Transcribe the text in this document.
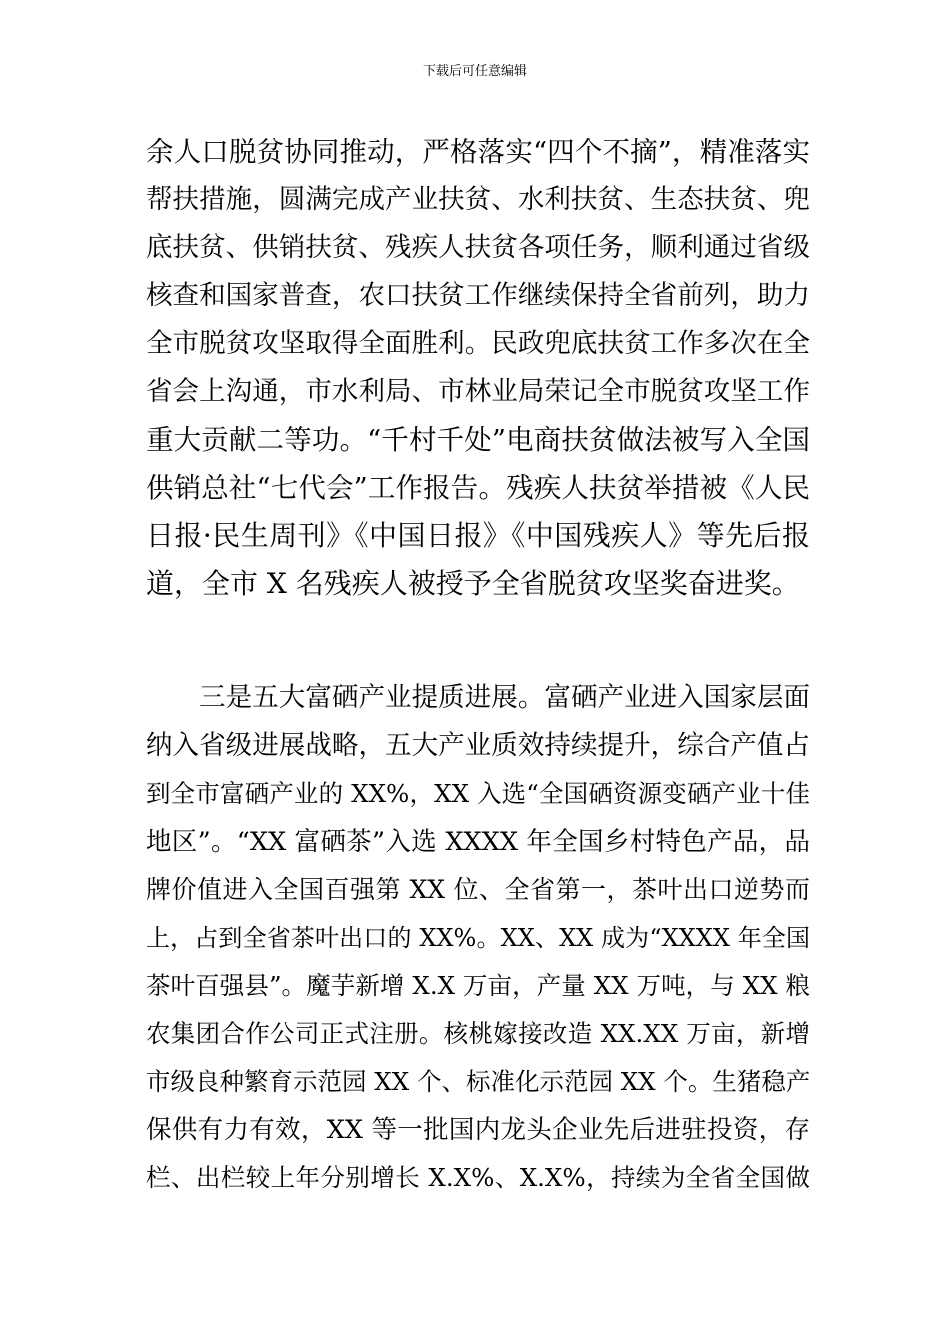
下载后可任意编辑
余人口脱贫协同推动，严格落实“四个不摘”，精准落实
帮扶措施，圆满完成产业扶贫、水利扶贫、生态扶贫、兜
底扶贫、供销扶贫、残疾人扶贫各项任务，顺利通过省级
核查和国家普查，农口扶贫工作继续保持全省前列，助力
全市脱贫攻坚取得全面胜利。民政兜底扶贫工作多次在全
省会上沟通，市水利局、市林业局荣记全市脱贫攻坚工作
重大贡献二等功。“千村千处”电商扶贫做法被写入全国
供销总社“七代会”工作报告。残疾人扶贫举措被《人民
日报·民生周刊》《中国日报》《中国残疾人》等先后报
道，全市 X 名残疾人被授予全省脱贫攻坚奖奋进奖。
　　三是五大富硒产业提质进展。富硒产业进入国家层面
纳入省级进展战略，五大产业质效持续提升，综合产值占
到全市富硒产业的 XX%，XX 入选“全国硒资源变硒产业十佳
地区”。“XX 富硒茶”入选 XXXX 年全国乡村特色产品，品
牌价值进入全国百强第 XX 位、全省第一，茶叶出口逆势而
上，占到全省茶叶出口的 XX%。XX、XX 成为“XXXX 年全国
茶叶百强县”。魔芋新增 X.X 万亩，产量 XX 万吨，与 XX 粮
农集团合作公司正式注册。核桃嫁接改造 XX.XX 万亩，新增
市级良种繁育示范园 XX 个、标准化示范园 XX 个。生猪稳产
保供有力有效，XX 等一批国内龙头企业先后进驻投资，存
栏、出栏较上年分别增长 X.X%、X.X%，持续为全省全国做
